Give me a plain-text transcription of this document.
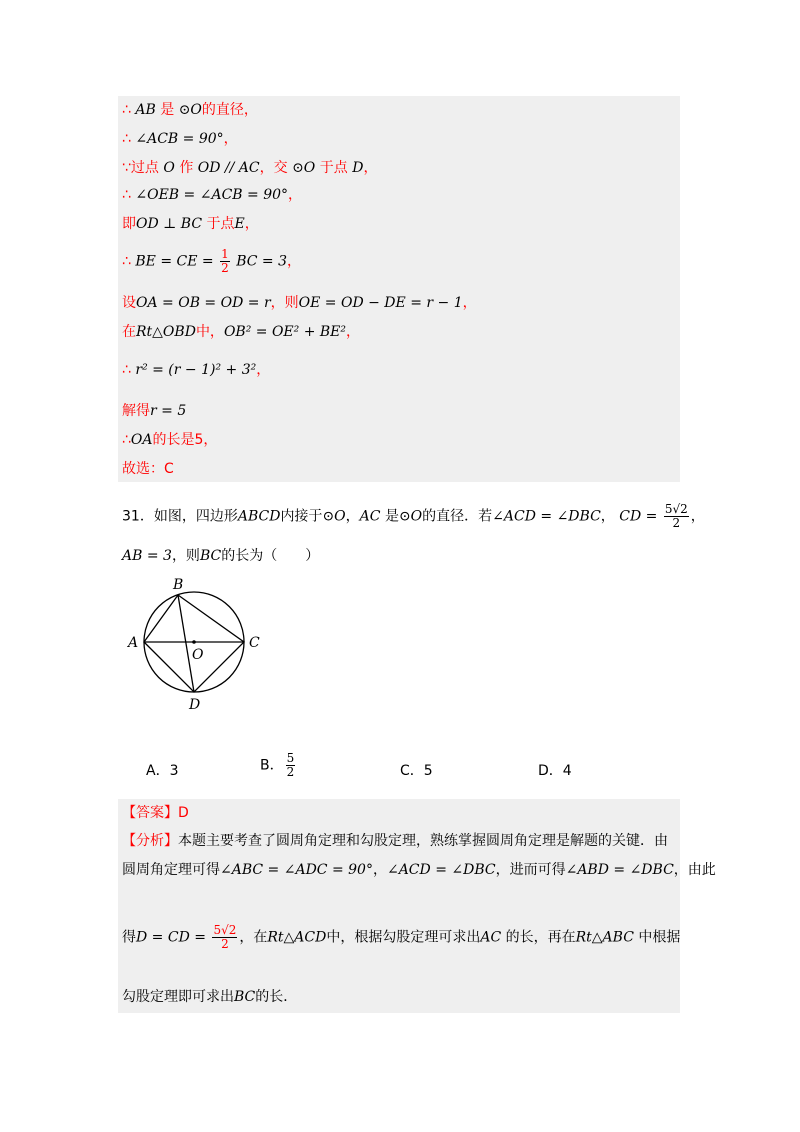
∴ AB 是 ⊙O的直径，
∴ ∠ACB = 90°，
∵过点 O 作 OD // AC，交 ⊙O 于点 D，
∴ ∠OEB = ∠ACB = 90°，
即OD ⊥ BC 于点E，
∴ BE = CE = $\frac{1}{2}$ BC = 3，
设OA = OB = OD = r，则OE = OD − DE = r − 1，
在Rt△OBD中，OB² = OE² + BE²，
∴ r² = (r − 1)² + 3²，
解得r = 5
∴OA的长是5，
故选：C
31．如图，四边形ABCD内接于⊙O，AC 是⊙O的直径．若∠ACD = ∠DBC， CD = $\frac{5√2}{2}$ ，
AB = 3，则BC的长为（　　）
A
B
C
D
O
A．3	B． $\frac{5}{2}$	C．5	D．4
【答案】D
【分析】本题主要考查了圆周角定理和勾股定理，熟练掌握圆周角定理是解题的关键．由
圆周角定理可得∠ABC = ∠ADC = 90°，∠ACD = ∠DBC，进而可得∠ABD = ∠DBC，由此
得D = CD = $\frac{5√2}{2}$ ，在Rt△ACD中，根据勾股定理可求出AC 的长，再在Rt△ABC 中根据
勾股定理即可求出BC的长．
